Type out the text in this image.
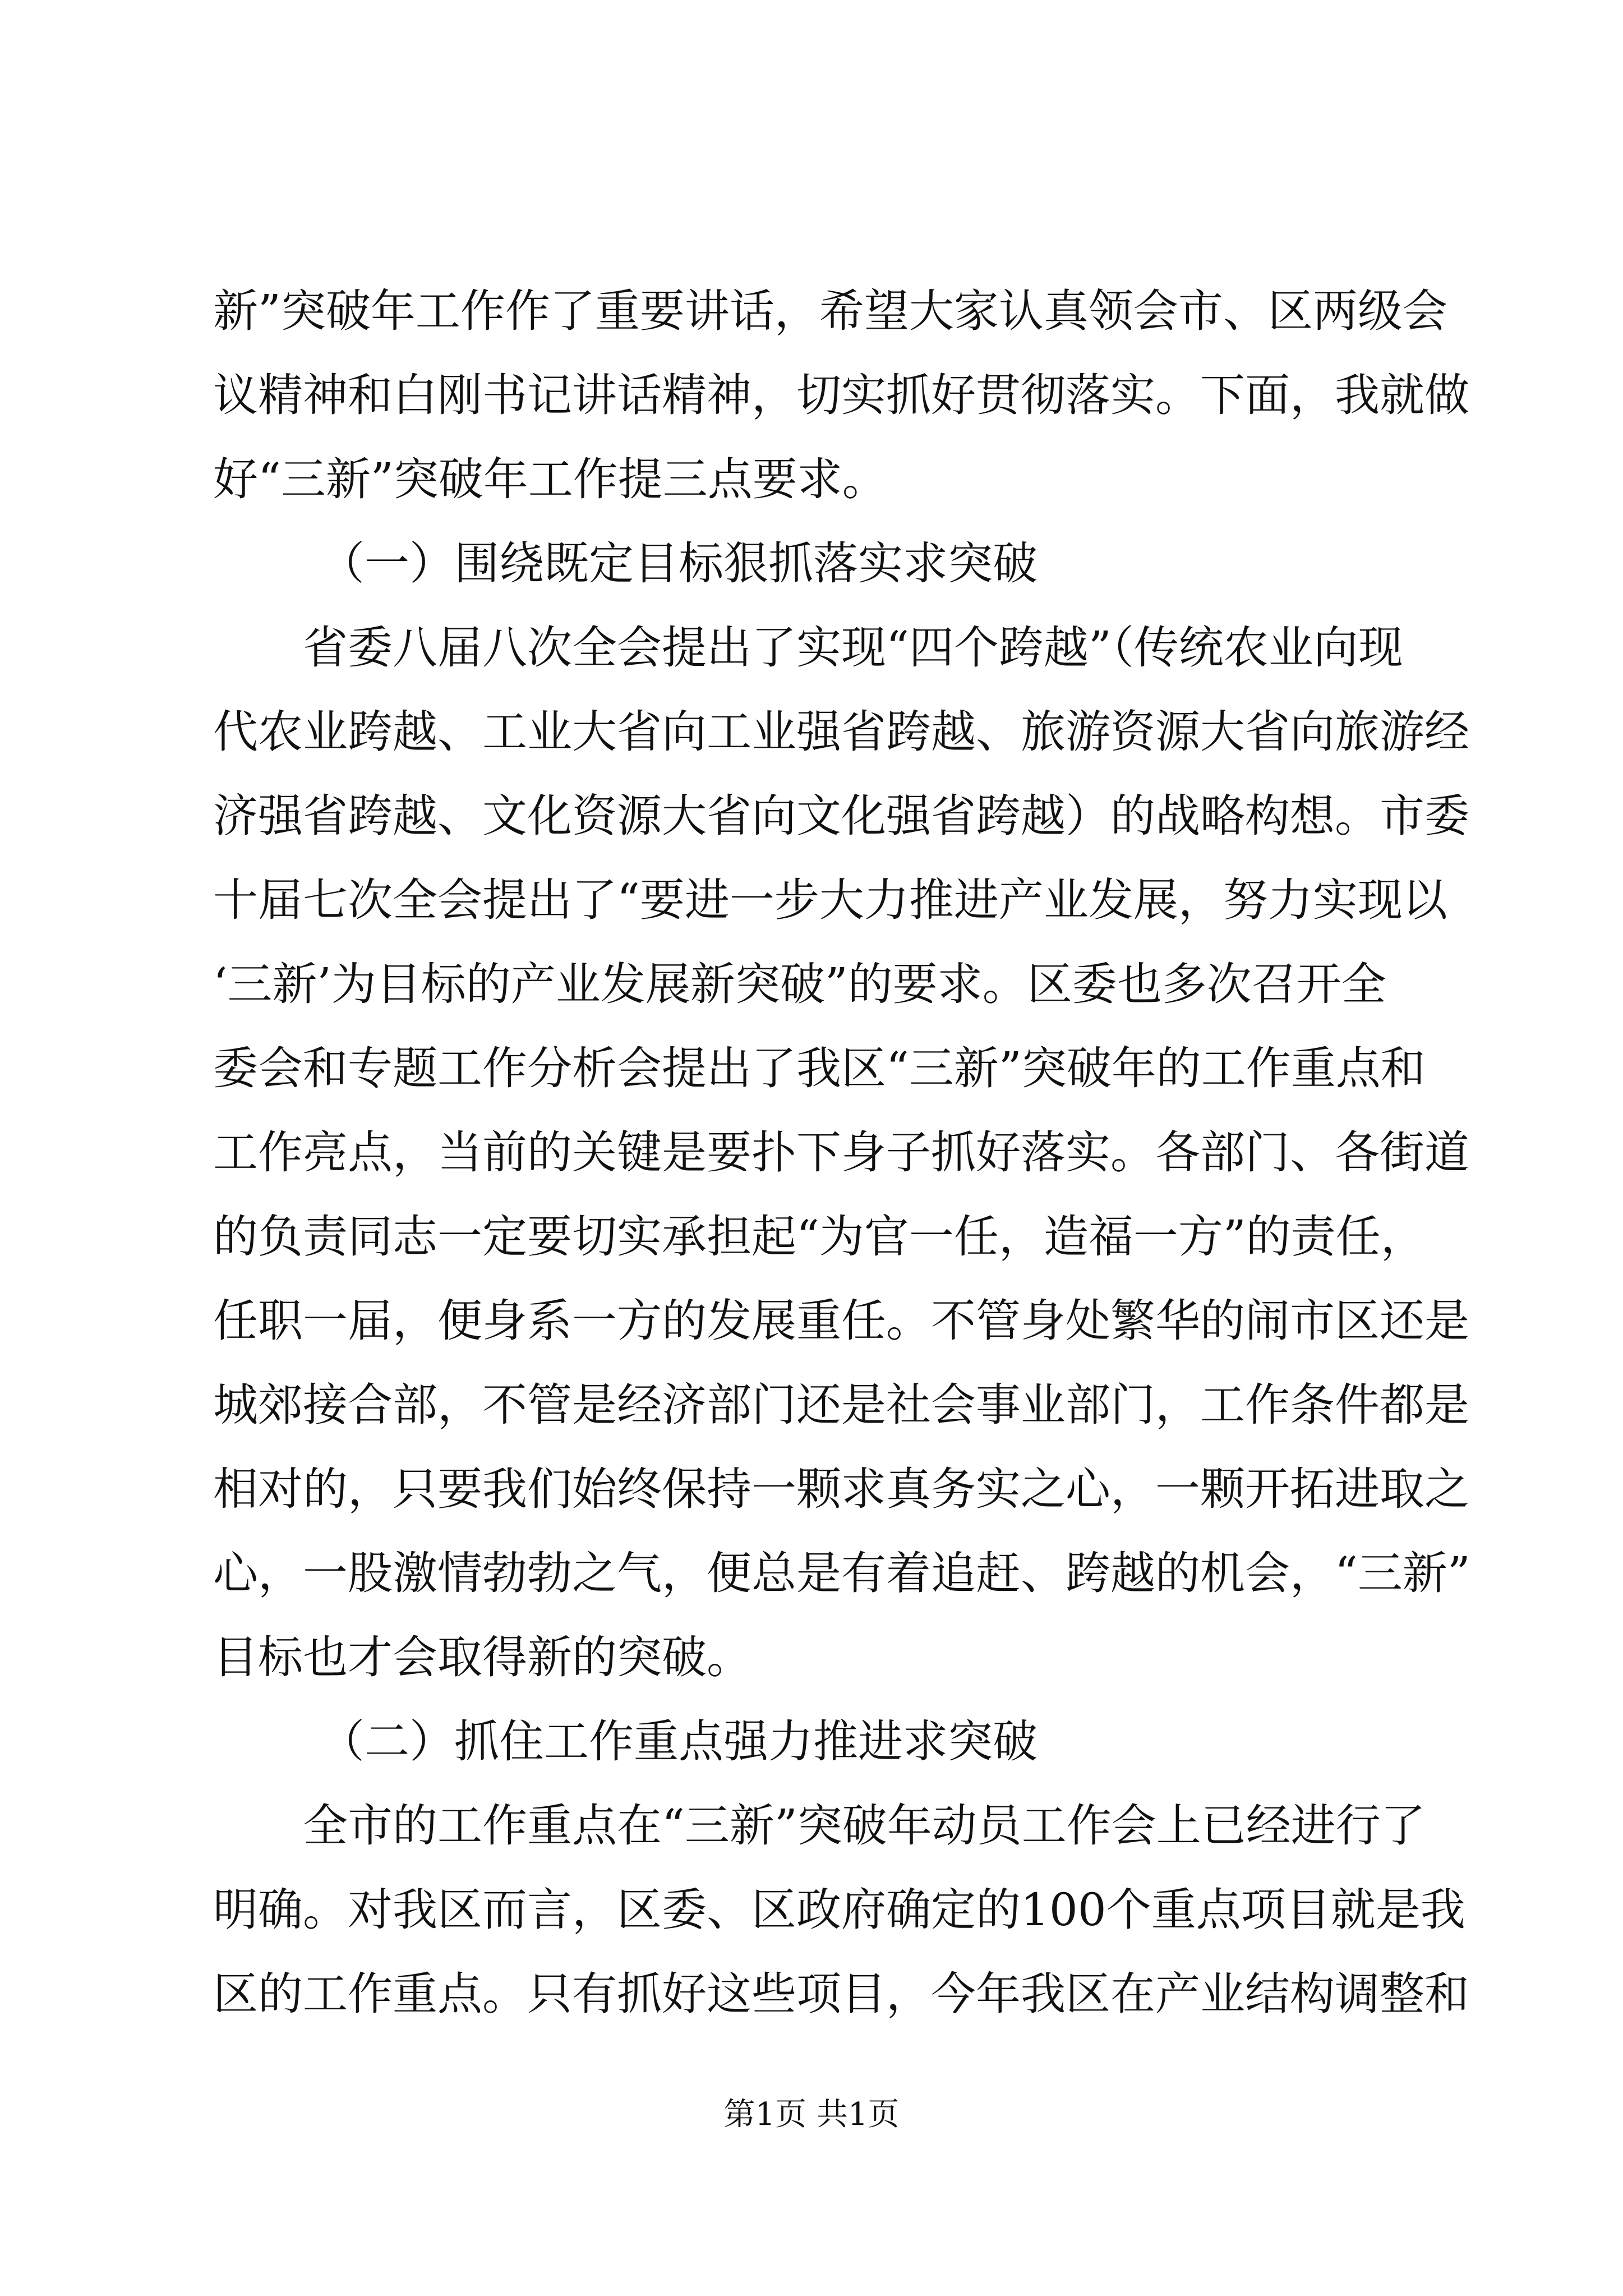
新”突破年工作作了重要讲话，希望大家认真领会市、区两级会
议精神和白刚书记讲话精神，切实抓好贯彻落实。下面，我就做
好“三新”突破年工作提三点要求。
（一）围绕既定目标狠抓落实求突破
省委八届八次全会提出了实现“四个跨越”（传统农业向现
代农业跨越、工业大省向工业强省跨越、旅游资源大省向旅游经
济强省跨越、文化资源大省向文化强省跨越）的战略构想。市委
十届七次全会提出了“要进一步大力推进产业发展，努力实现以
‘三新’为目标的产业发展新突破”的要求。区委也多次召开全
委会和专题工作分析会提出了我区“三新”突破年的工作重点和
工作亮点，当前的关键是要扑下身子抓好落实。各部门、各街道
的负责同志一定要切实承担起“为官一任，造福一方”的责任，
任职一届，便身系一方的发展重任。不管身处繁华的闹市区还是
城郊接合部，不管是经济部门还是社会事业部门，工作条件都是
相对的，只要我们始终保持一颗求真务实之心，一颗开拓进取之
心，一股激情勃勃之气，便总是有着追赶、跨越的机会，“三新”
目标也才会取得新的突破。
（二）抓住工作重点强力推进求突破
全市的工作重点在“三新”突破年动员工作会上已经进行了
明确。对我区而言，区委、区政府确定的100个重点项目就是我
区的工作重点。只有抓好这些项目，今年我区在产业结构调整和
第1页 共1页
